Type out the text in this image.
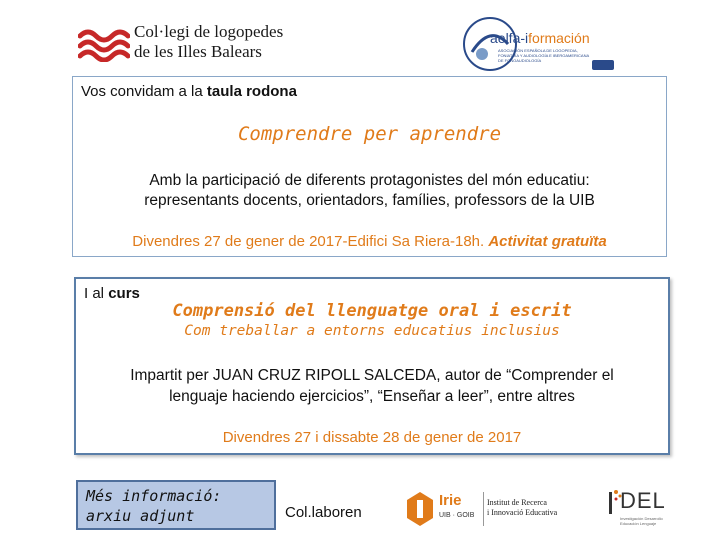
Col·legi de logopedes
de les Illes Balears
aelfa-iformación
ASOCIACIÓN ESPAÑOLA DE LOGOPEDIA, FONIATRÍA Y AUDIOLOGÍA E IBEROAMERICANA DE FONOAUDIOLOGÍA
Vos convidam a la taula rodona
Comprendre per aprendre
Amb la participació de diferents protagonistes del món educatiu:
representants docents, orientadors, famílies, professors de la UIB
Divendres 27 de gener de 2017-Edifici Sa Riera-18h. Activitat gratuïta
I al curs
Comprensió del llenguatge oral i escrit
Com treballar a entorns educatius inclusius
Impartit per JUAN CRUZ RIPOLL SALCEDA, autor de “Comprender el
lenguaje haciendo ejercicios”, “Enseñar a leer”, entre altres
Divendres 27 i dissabte 28 de gener de 2017
Més informació:
arxiu adjunt	Col.laboren
Irie
UIB · GOIB
Institut de Recerca
i Innovació Educativa	DEL
Investigación Desarrollo Educación Lenguaje
